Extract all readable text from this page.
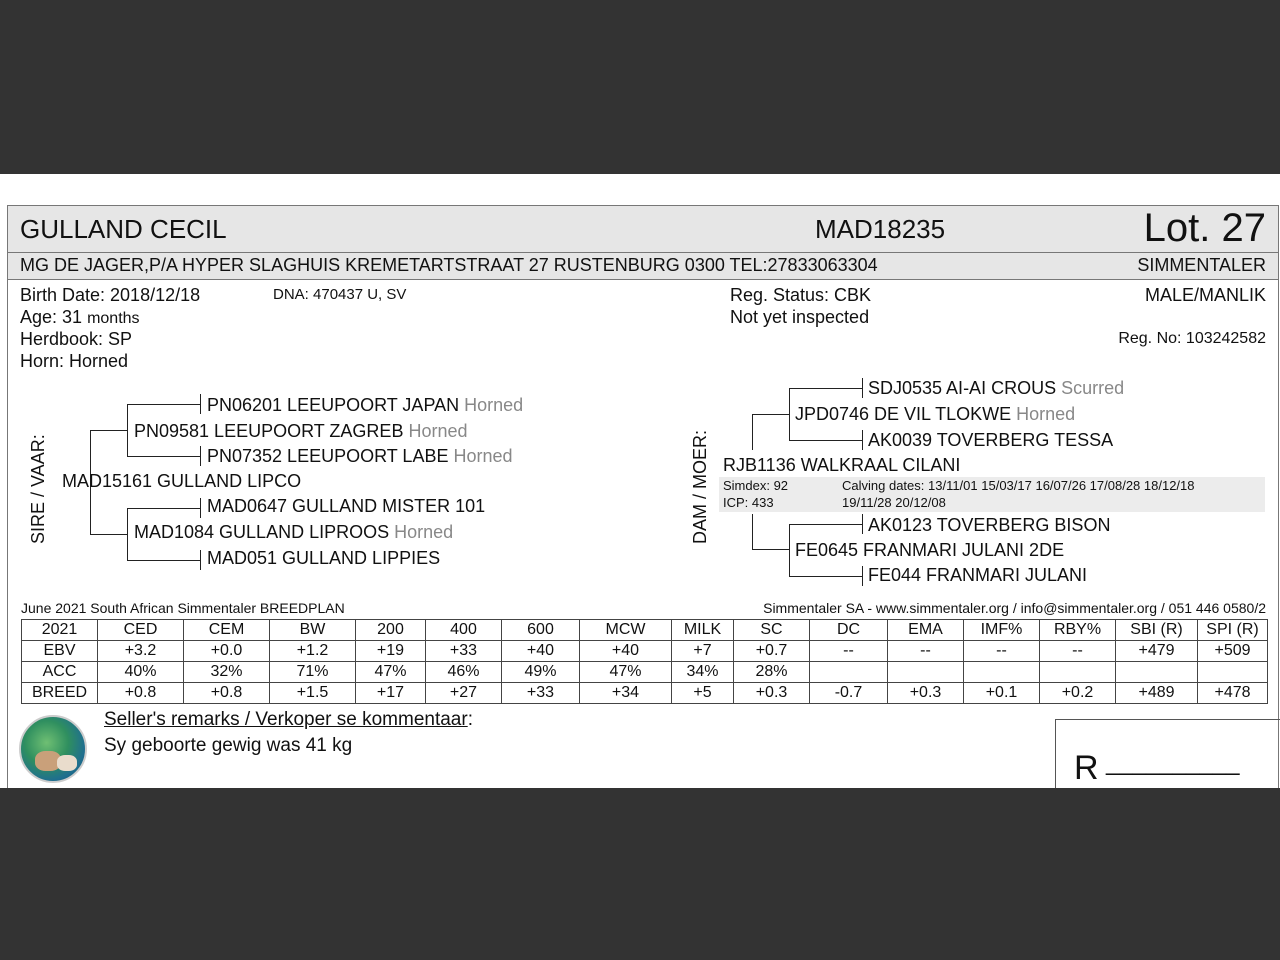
GULLAND CECIL	MAD18235	Lot. 27
MG DE JAGER,P/A HYPER SLAGHUIS KREMETARTSTRAAT 27 RUSTENBURG 0300 TEL:27833063304	SIMMENTALER
Birth Date: 2018/12/18	DNA: 470437 U, SV
Age: 31 months
Herdbook: SP
Horn: Horned
Reg. Status: CBK
Not yet inspected
MALE/MANLIK
Reg. No: 103242582
SIRE / VAAR:
PN06201 LEEUPOORT JAPAN Horned
PN09581 LEEUPOORT ZAGREB Horned
PN07352 LEEUPOORT LABE Horned
MAD15161 GULLAND LIPCO
MAD0647 GULLAND MISTER 101
MAD1084 GULLAND LIPROOS Horned
MAD051 GULLAND LIPPIES
DAM / MOER:
SDJ0535 AI-AI CROUS Scurred
JPD0746 DE VIL TLOKWE Horned
AK0039 TOVERBERG TESSA
RJB1136 WALKRAAL CILANI
Simdex: 92
ICP: 433
Calving dates: 13/11/01 15/03/17 16/07/26 17/08/28 18/12/18
19/11/28 20/12/08
AK0123 TOVERBERG BISON
FE0645 FRANMARI JULANI 2DE
FE044 FRANMARI JULANI
June 2021 South African Simmentaler BREEDPLAN	Simmentaler SA - www.simmentaler.org / info@simmentaler.org / 051 446 0580/2
2021	CED	CEM	BW	200	400	600	MCW	MILK	SC	DC	EMA	IMF%	RBY%	SBI (R)	SPI (R)
EBV	+3.2	+0.0	+1.2	+19	+33	+40	+40	+7	+0.7	--	--	--	--	+479	+509
ACC	40%	32%	71%	47%	46%	49%	47%	34%	28%						
BREED	+0.8	+0.8	+1.5	+17	+27	+33	+34	+5	+0.3	-0.7	+0.3	+0.1	+0.2	+489	+478
Seller's remarks / Verkoper se kommentaar:
Sy geboorte gewig was 41 kg
R __________
